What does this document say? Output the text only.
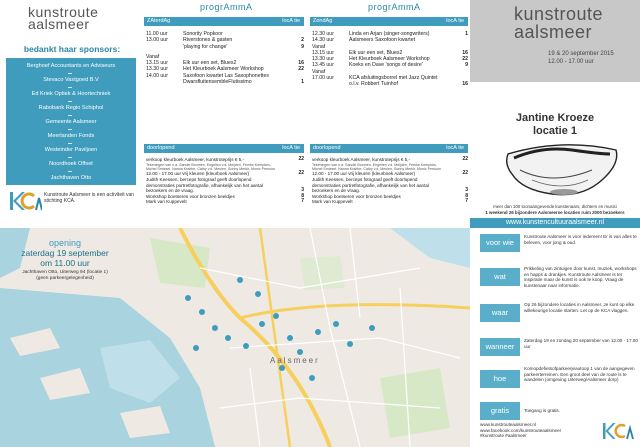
kunstroute
aalsmeer
bedankt haar sponsors:
Berghoef Accountants en Adviseurs
Stevaco Vastgoed B.V
Ed Kriek Optiek & Hoortechniek
Rabobank Regio Schiphol
Gemeente Aalsmeer
Meerlanden Fonds
Westeinder Paviljoen
Noordhoek Offset
Jachthaven Otto
Kunstroute Aalsmeer is een activiteit van stichting KCA.
progrAmmA	progrAmmA
ZAterdAg	locA tie
11.00 uur	Sonority Popkoor
13.00 uur	Riverstones & gasten	2
'playing for change'	9
Vanaf
13.15 uur	Elk uur een set, Blues2	16
13.30 uur	Het Kleurboek Aalsmeer Workshop	22
14.00 uur	Saxofoon kwartet Las Saxophonettes
DwarsfluitensembleFlutissimo	1
ZondAg	locA tie
12.30 uur	Linda en Arjan (singer-songwriters)	1
14.30 uur	Aalsmeers Saxofoon kwartet
Vanaf
13.15 uur	Elk uur een set, Blues2	16
13.30 uur	Het Kleurboek Aalsmeer Workshop	22
13.45 uur	Koeks en Dave 'songs of desire'	9
Vanaf
17.00 uur	KCA afsluitingsborrel met Jazz Quintet
o.l.v. Robbert Tuinhof	16
doorlopend	locA tie
verkoop kleurboek Aalsmeer, kunstroteprijs € 5,-	22
Tekeningen van o.a. Sandel Boomen, Engelien v.d. Meijden, Femke Kempkes,
Michel Smiesel, Nanna Krabbe, Cathy v.d. Meulen, Sonny Merkir, Monic Persoon
12.00 - 17.00 uur vrij kleuren (kleurboek Aalsmeer)	22
Judith Keessen, berceps fotograaf geeft doorlopend
demonstraties portretfotografie, afhankelijk van het aantal
bezoekers en de vraag.	3
Workshop boetseren voor bronzen beeldjes	8
Mark van Kuppevelt	7
doorlopend	locA tie
verkoop kleurboek Aalsmeer, kunstroteprijs € 5,-	22
Tekeningen van o.a. Sandel Boomen, Engelien v.d. Meijden, Femke Kempkes,
Michel Smiesel, Nanna Krabbe, Cathy v.d. Meulen, Sonny Merkir, Monic Persoon
12.00 - 17.00 uur vrij kleuren (kleurboek Aalsmeer)	22
Judith Keessen, berceps fotograaf geeft doorlopend
demonstraties portretfotografie, afhankelijk van het aantal
bezoekers en de vraag.	3
Workshop boetseren voor bronzen beeldjes	8
Mark van Kuppevelt	7
kunstroute
aalsmeer
19 & 20 september 2015
12.00 - 17.00 uur
Jantine Kroeze
locatie 1
meer dan 100 toonaangevende kunstenaars, dichters en musici
1 weekend 26 bijzondere Aalsmeerse locaties ruim 2000 bezoekers
www.kunstencultuuraalsmeer.nl
opening
zaterdag 19 september
om 11.00 uur
Jachthaven Otto, Uiterweg 94 (locatie 1)
(geen parkeergelegenheid)
Aalsmeer
voor wie
Kunstroute Aalsmeer is voor iedereen! Er is van alles te beleven, voor jong & oud.
wat
Prikkeling van zintuigen door kunst, muziek, workshops en happs & drankjes. Kunstroute Aalsmeer is ter inspiratie maar de kunst is ook te koop. Vraag de kunstenaar naar informatie.
waar
Op 26 bijzondere locaties in Aalsmeer. Je kunt op elke willekeurige locatie starten. Let op de KCA vlaggen.
wanneer
Zaterdag 19 en zondag 20 september van 12.00 - 17.00 uur
hoe
Komopdefietsofparkeerjeautoop 1 van de aangegeven parkeerterreinen. Een groot deel van de route is te wandelen (omgeving Uiterweg/Aalsmeer dorp)
gratis	Toegang is gratis.
www.kunstrouteaalsmeer.nl
www.facebook.com/kunstrouteaalsmeer
#kunstroute #aalsmeer
